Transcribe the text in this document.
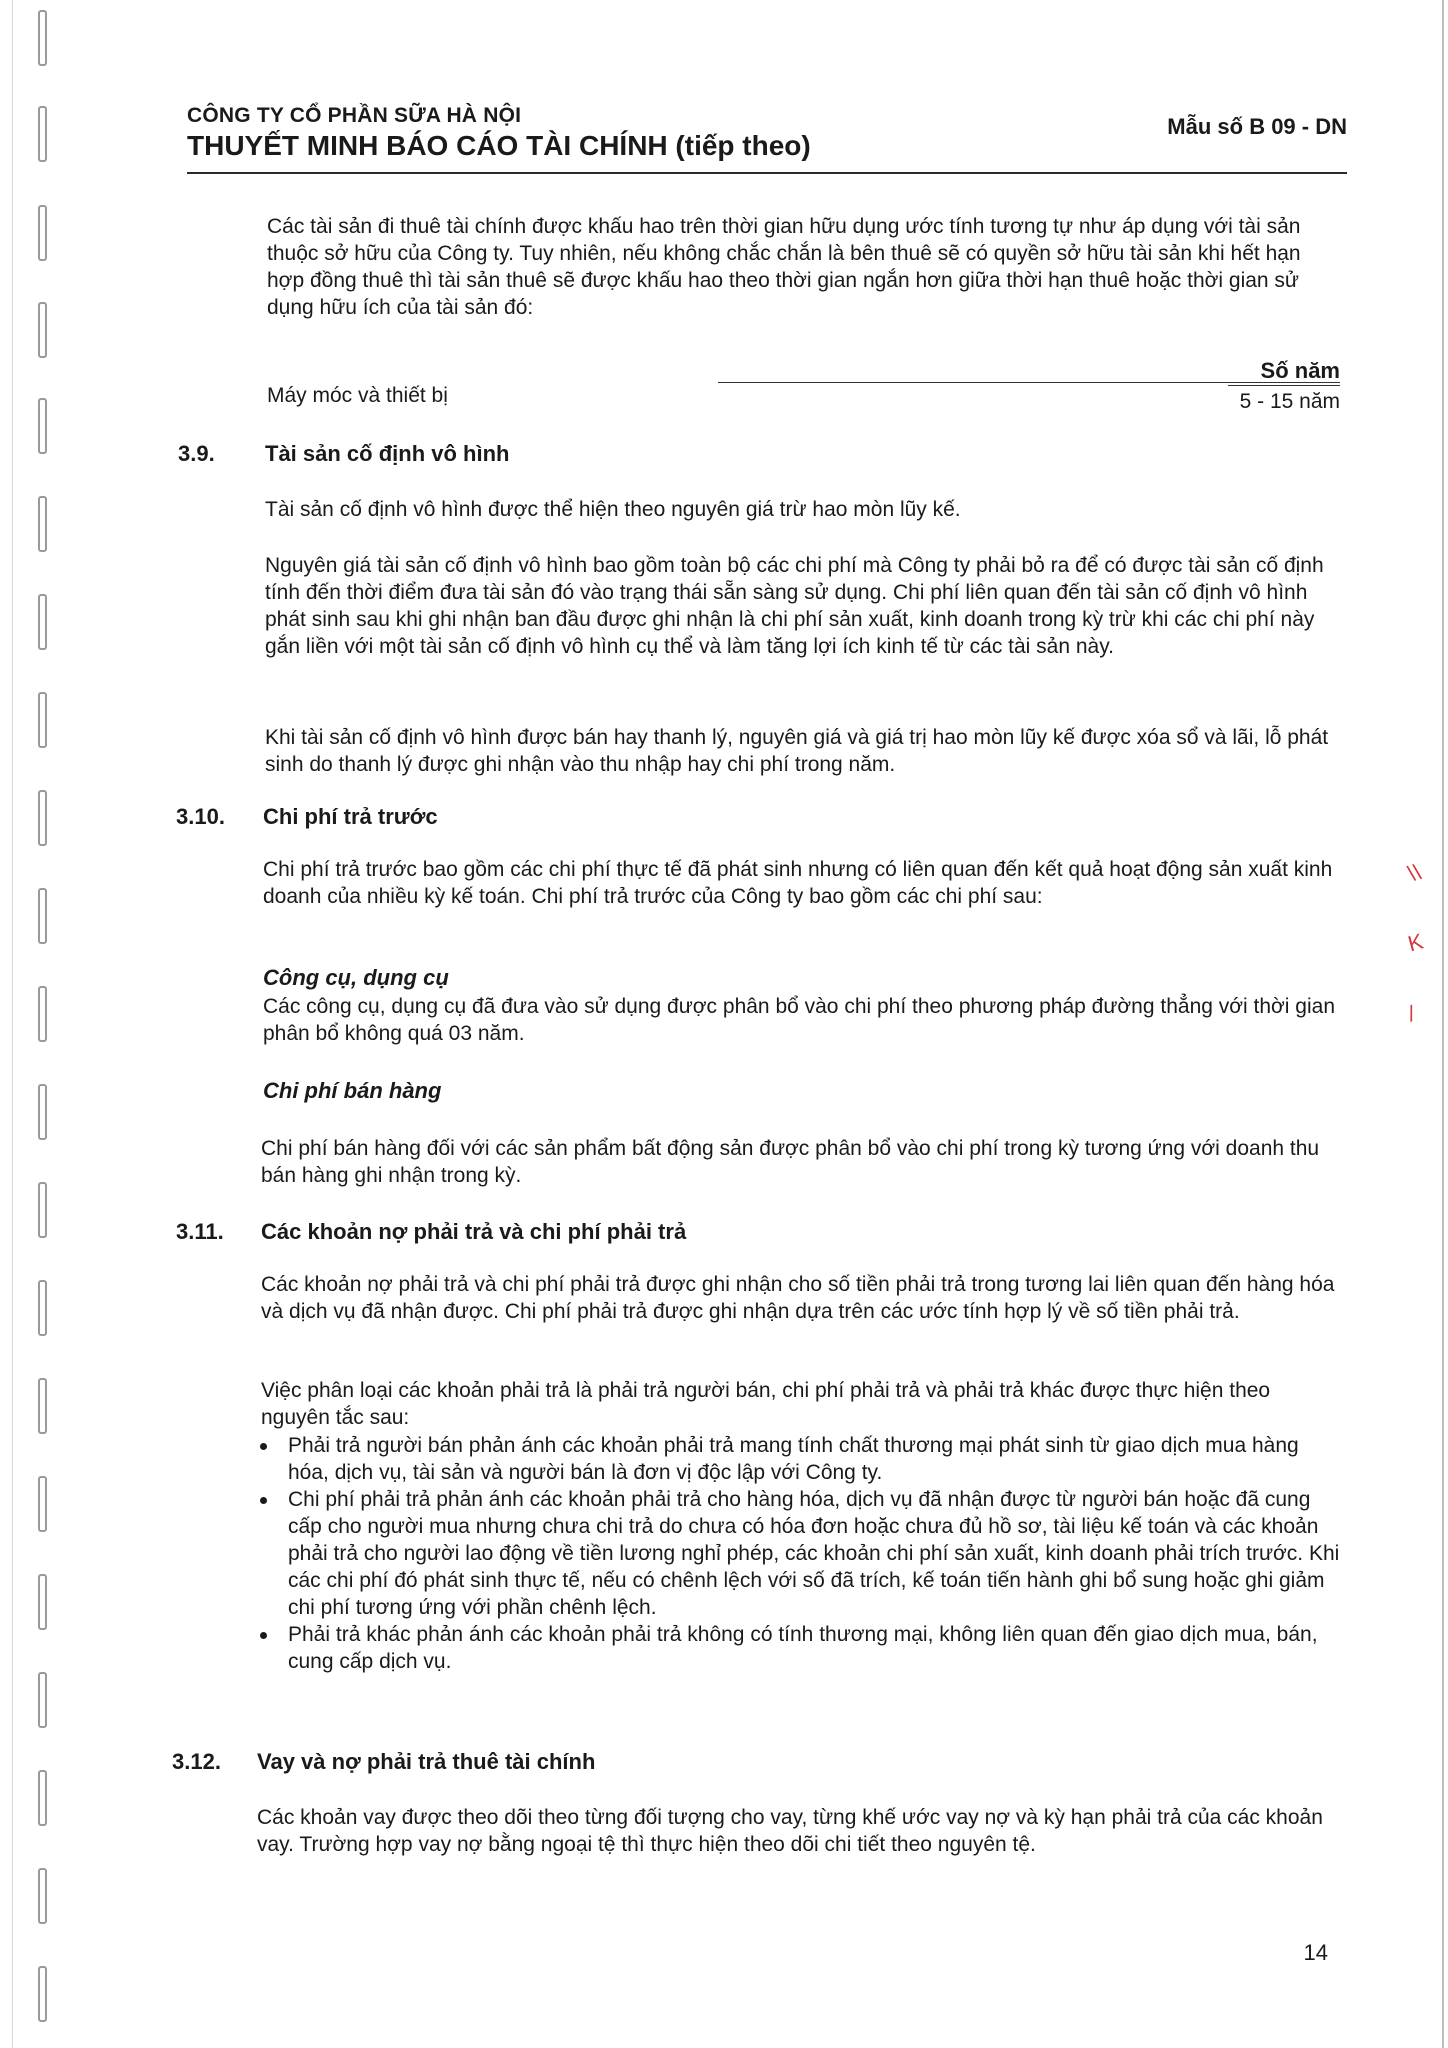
\\
K
/
CÔNG TY CỔ PHẦN SỮA HÀ NỘI
THUYẾT MINH BÁO CÁO TÀI CHÍNH (tiếp theo)
Mẫu số B 09 - DN

Các tài sản đi thuê tài chính được khấu hao trên thời gian hữu dụng ước tính tương tự như áp dụng với tài sản thuộc sở hữu của Công ty. Tuy nhiên, nếu không chắc chắn là bên thuê sẽ có quyền sở hữu tài sản khi hết hạn hợp đồng thuê thì tài sản thuê sẽ được khấu hao theo thời gian ngắn hơn giữa thời hạn thuê hoặc thời gian sử dụng hữu ích của tài sản đó:

Số năm
Máy móc và thiết bị	5 - 15 năm
3.9. Tài sản cố định vô hình

Tài sản cố định vô hình được thể hiện theo nguyên giá trừ hao mòn lũy kế.

Nguyên giá tài sản cố định vô hình bao gồm toàn bộ các chi phí mà Công ty phải bỏ ra để có được tài sản cố định tính đến thời điểm đưa tài sản đó vào trạng thái sẵn sàng sử dụng. Chi phí liên quan đến tài sản cố định vô hình phát sinh sau khi ghi nhận ban đầu được ghi nhận là chi phí sản xuất, kinh doanh trong kỳ trừ khi các chi phí này gắn liền với một tài sản cố định vô hình cụ thể và làm tăng lợi ích kinh tế từ các tài sản này.

Khi tài sản cố định vô hình được bán hay thanh lý, nguyên giá và giá trị hao mòn lũy kế được xóa sổ và lãi, lỗ phát sinh do thanh lý được ghi nhận vào thu nhập hay chi phí trong năm.

3.10. Chi phí trả trước

Chi phí trả trước bao gồm các chi phí thực tế đã phát sinh nhưng có liên quan đến kết quả hoạt động sản xuất kinh doanh của nhiều kỳ kế toán. Chi phí trả trước của Công ty bao gồm các chi phí sau:

Công cụ, dụng cụ

Các công cụ, dụng cụ đã đưa vào sử dụng được phân bổ vào chi phí theo phương pháp đường thẳng với thời gian phân bổ không quá 03 năm.

Chi phí bán hàng

Chi phí bán hàng đối với các sản phẩm bất động sản được phân bổ vào chi phí trong kỳ tương ứng với doanh thu bán hàng ghi nhận trong kỳ.

3.11. Các khoản nợ phải trả và chi phí phải trả

Các khoản nợ phải trả và chi phí phải trả được ghi nhận cho số tiền phải trả trong tương lai liên quan đến hàng hóa và dịch vụ đã nhận được. Chi phí phải trả được ghi nhận dựa trên các ước tính hợp lý về số tiền phải trả.

Việc phân loại các khoản phải trả là phải trả người bán, chi phí phải trả và phải trả khác được thực hiện theo nguyên tắc sau:

Phải trả người bán phản ánh các khoản phải trả mang tính chất thương mại phát sinh từ giao dịch mua hàng hóa, dịch vụ, tài sản và người bán là đơn vị độc lập với Công ty.
Chi phí phải trả phản ánh các khoản phải trả cho hàng hóa, dịch vụ đã nhận được từ người bán hoặc đã cung cấp cho người mua nhưng chưa chi trả do chưa có hóa đơn hoặc chưa đủ hồ sơ, tài liệu kế toán và các khoản phải trả cho người lao động về tiền lương nghỉ phép, các khoản chi phí sản xuất, kinh doanh phải trích trước. Khi các chi phí đó phát sinh thực tế, nếu có chênh lệch với số đã trích, kế toán tiến hành ghi bổ sung hoặc ghi giảm chi phí tương ứng với phần chênh lệch.
Phải trả khác phản ánh các khoản phải trả không có tính thương mại, không liên quan đến giao dịch mua, bán, cung cấp dịch vụ.
3.12. Vay và nợ phải trả thuê tài chính

Các khoản vay được theo dõi theo từng đối tượng cho vay, từng khế ước vay nợ và kỳ hạn phải trả của các khoản vay. Trường hợp vay nợ bằng ngoại tệ thì thực hiện theo dõi chi tiết theo nguyên tệ.

14
